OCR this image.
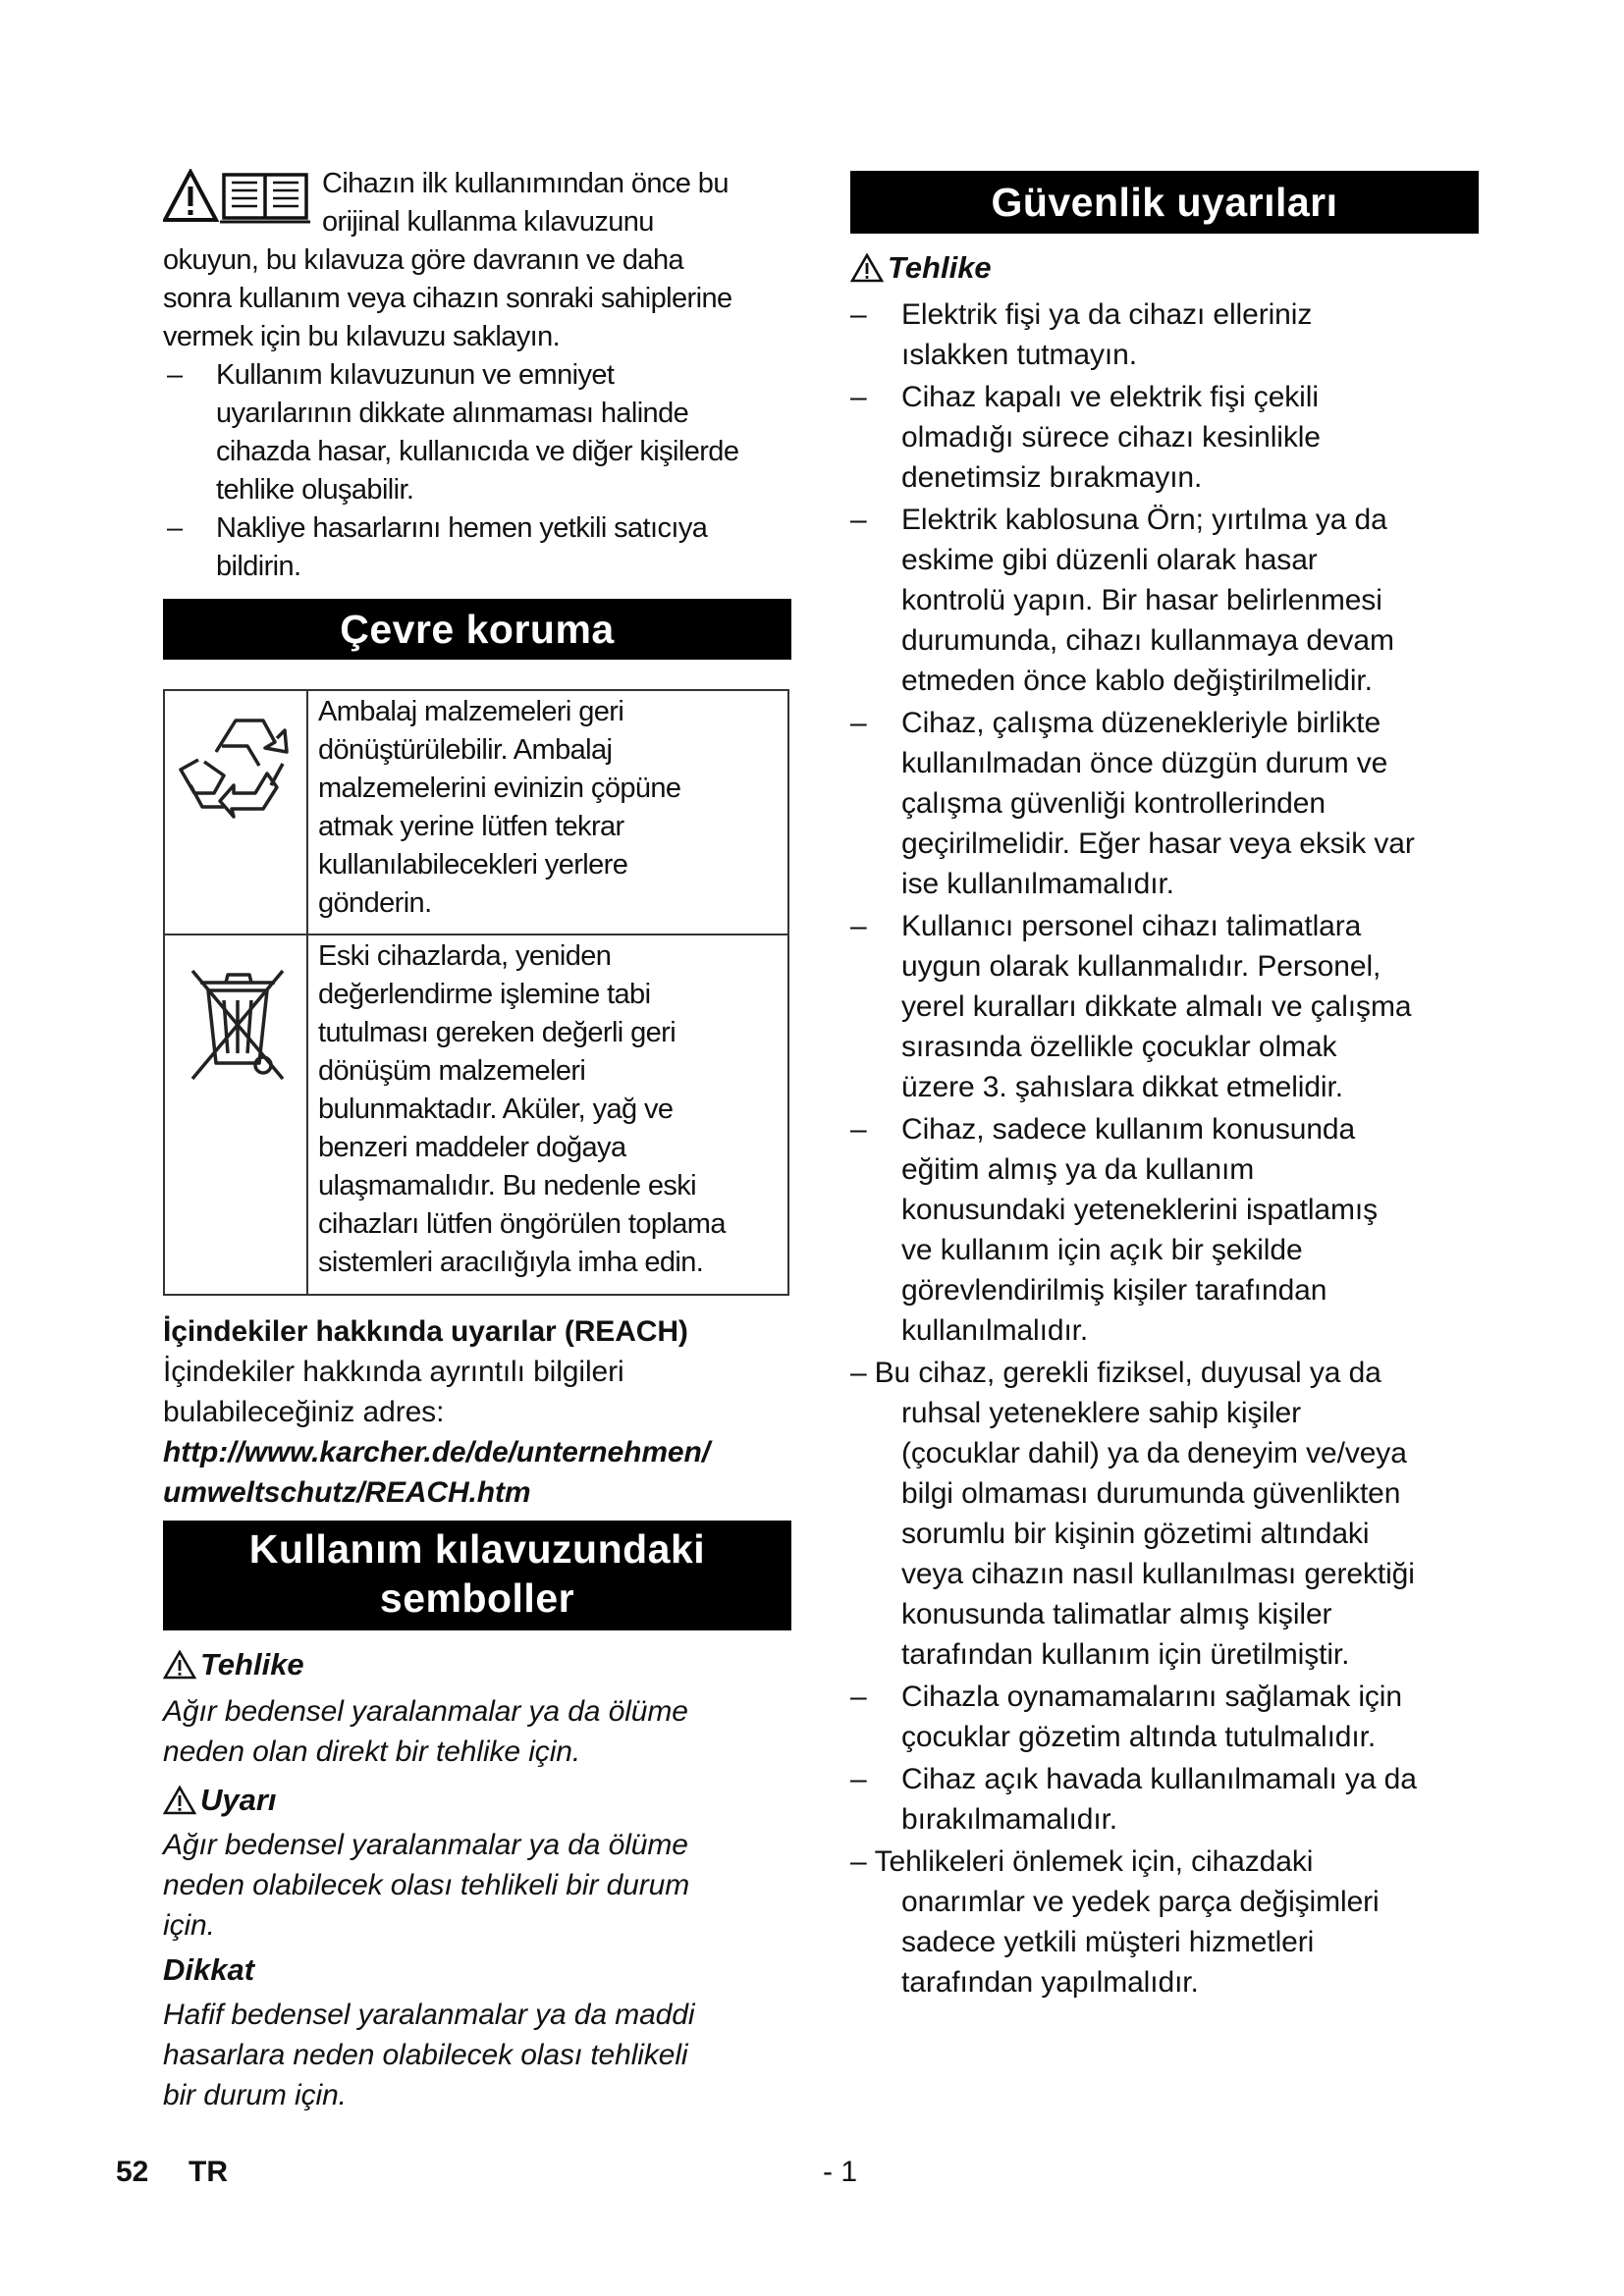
Cihazın ilk kullanımından önce bu

orijinal kullanma kılavuzunu

okuyun, bu kılavuza göre davranın ve daha

sonra kullanım veya cihazın sonraki sahiplerine

vermek için bu kılavuzu saklayın.

– Kullanım kılavuzunun ve emniyet

uyarılarının dikkate alınmaması halinde

cihazda hasar, kullanıcıda ve diğer kişilerde

tehlike oluşabilir.

– Nakliye hasarlarını hemen yetkili satıcıya

bildirin.

Çevre koruma

Ambalaj malzemeleri geri

dönüştürülebilir. Ambalaj

malzemelerini evinizin çöpüne

atmak yerine lütfen tekrar

kullanılabilecekleri yerlere

gönderin.

Eski cihazlarda, yeniden

değerlendirme işlemine tabi

tutulması gereken değerli geri

dönüşüm malzemeleri

bulunmaktadır. Aküler, yağ ve

benzeri maddeler doğaya

ulaşmamalıdır. Bu nedenle eski

cihazları lütfen öngörülen toplama

sistemleri aracılığıyla imha edin.

İçindekiler hakkında uyarılar (REACH)

İçindekiler hakkında ayrıntılı bilgileri

bulabileceğiniz adres:

http://www.karcher.de/de/unternehmen/

umweltschutz/REACH.htm

Kullanım kılavuzundaki
semboller
Tehlike

Ağır bedensel yaralanmalar ya da ölüme

neden olan direkt bir tehlike için.

Uyarı

Ağır bedensel yaralanmalar ya da ölüme

neden olabilecek olası tehlikeli bir durum

için.

Dikkat

Hafif bedensel yaralanmalar ya da maddi

hasarlara neden olabilecek olası tehlikeli

bir durum için.

Güvenlik uyarıları
Tehlike
– Elektrik fişi ya da cihazı elleriniz

ıslakken tutmayın.

– Cihaz kapalı ve elektrik fişi çekili

olmadığı sürece cihazı kesinlikle

denetimsiz bırakmayın.

– Elektrik kablosuna Örn; yırtılma ya da

eskime gibi düzenli olarak hasar

kontrolü yapın. Bir hasar belirlenmesi

durumunda, cihazı kullanmaya devam

etmeden önce kablo değiştirilmelidir.

– Cihaz, çalışma düzenekleriyle birlikte

kullanılmadan önce düzgün durum ve

çalışma güvenliği kontrollerinden

geçirilmelidir. Eğer hasar veya eksik var

ise kullanılmamalıdır.

– Kullanıcı personel cihazı talimatlara

uygun olarak kullanmalıdır. Personel,

yerel kuralları dikkate almalı ve çalışma

sırasında özellikle çocuklar olmak

üzere 3. şahıslara dikkat etmelidir.

– Cihaz, sadece kullanım konusunda

eğitim almış ya da kullanım

konusundaki yeteneklerini ispatlamış

ve kullanım için açık bir şekilde

görevlendirilmiş kişiler tarafından

kullanılmalıdır.

– Bu cihaz, gerekli fiziksel, duyusal ya da

ruhsal yeteneklere sahip kişiler

(çocuklar dahil) ya da deneyim ve/veya

bilgi olmaması durumunda güvenlikten

sorumlu bir kişinin gözetimi altındaki

veya cihazın nasıl kullanılması gerektiği

konusunda talimatlar almış kişiler

tarafından kullanım için üretilmiştir.

– Cihazla oynamamalarını sağlamak için

çocuklar gözetim altında tutulmalıdır.

– Cihaz açık havada kullanılmamalı ya da

bırakılmamalıdır.

– Tehlikeleri önlemek için, cihazdaki

onarımlar ve yedek parça değişimleri

sadece yetkili müşteri hizmetleri

tarafından yapılmalıdır.

52 TR	- 1
